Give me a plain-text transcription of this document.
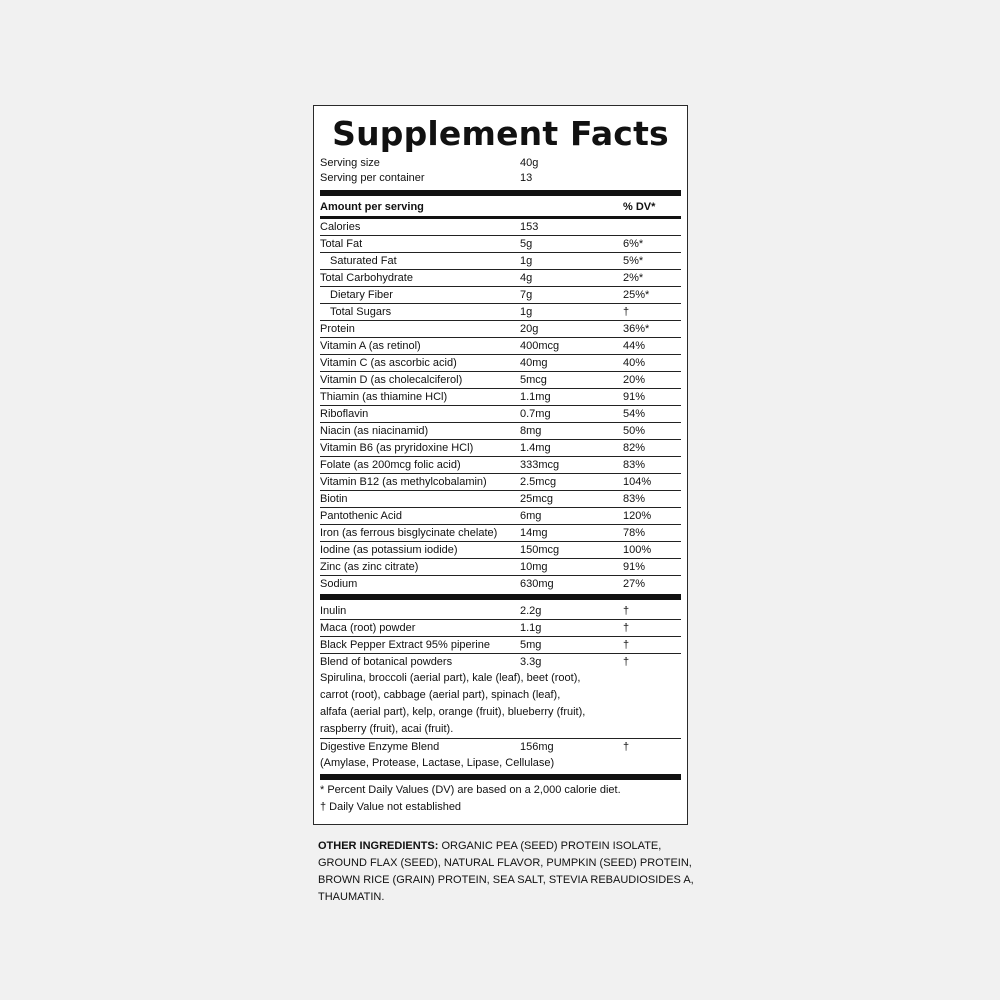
Supplement Facts
Serving size	40g
Serving per container	13
Amount per serving	% DV*
Calories	153
Total Fat	5g	6%*
Saturated Fat	1g	5%*
Total Carbohydrate	4g	2%*
Dietary Fiber	7g	25%*
Total Sugars	1g	†
Protein	20g	36%*
Vitamin A (as retinol)	400mcg	44%
Vitamin C (as ascorbic acid)	40mg	40%
Vitamin D (as cholecalciferol)	5mcg	20%
Thiamin (as thiamine HCl)	1.1mg	91%
Riboflavin	0.7mg	54%
Niacin (as niacinamid)	8mg	50%
Vitamin B6 (as pryridoxine HCl)	1.4mg	82%
Folate (as 200mcg folic acid)	333mcg	83%
Vitamin B12 (as methylcobalamin)	2.5mcg	104%
Biotin	25mcg	83%
Pantothenic Acid	6mg	120%
Iron (as ferrous bisglycinate chelate)	14mg	78%
Iodine (as potassium iodide)	150mcg	100%
Zinc (as zinc citrate)	10mg	91%
Sodium	630mg	27%
Inulin	2.2g	†
Maca (root) powder	1.1g	†
Black Pepper Extract 95% piperine	5mg	†
Blend of botanical powders	3.3g	†
Spirulina, broccoli (aerial part), kale (leaf), beet (root),
carrot (root), cabbage (aerial part), spinach (leaf),
alfafa (aerial part), kelp, orange (fruit), blueberry (fruit),
raspberry (fruit), acai (fruit).
Digestive Enzyme Blend	156mg	†
(Amylase, Protease, Lactase, Lipase, Cellulase)
* Percent Daily Values (DV) are based on a 2,000 calorie diet.
† Daily Value not established
OTHER INGREDIENTS: ORGANIC PEA (SEED) PROTEIN ISOLATE, GROUND FLAX (SEED), NATURAL FLAVOR, PUMPKIN (SEED) PROTEIN, BROWN RICE (GRAIN) PROTEIN, SEA SALT, STEVIA REBAUDIOSIDES A, THAUMATIN.
